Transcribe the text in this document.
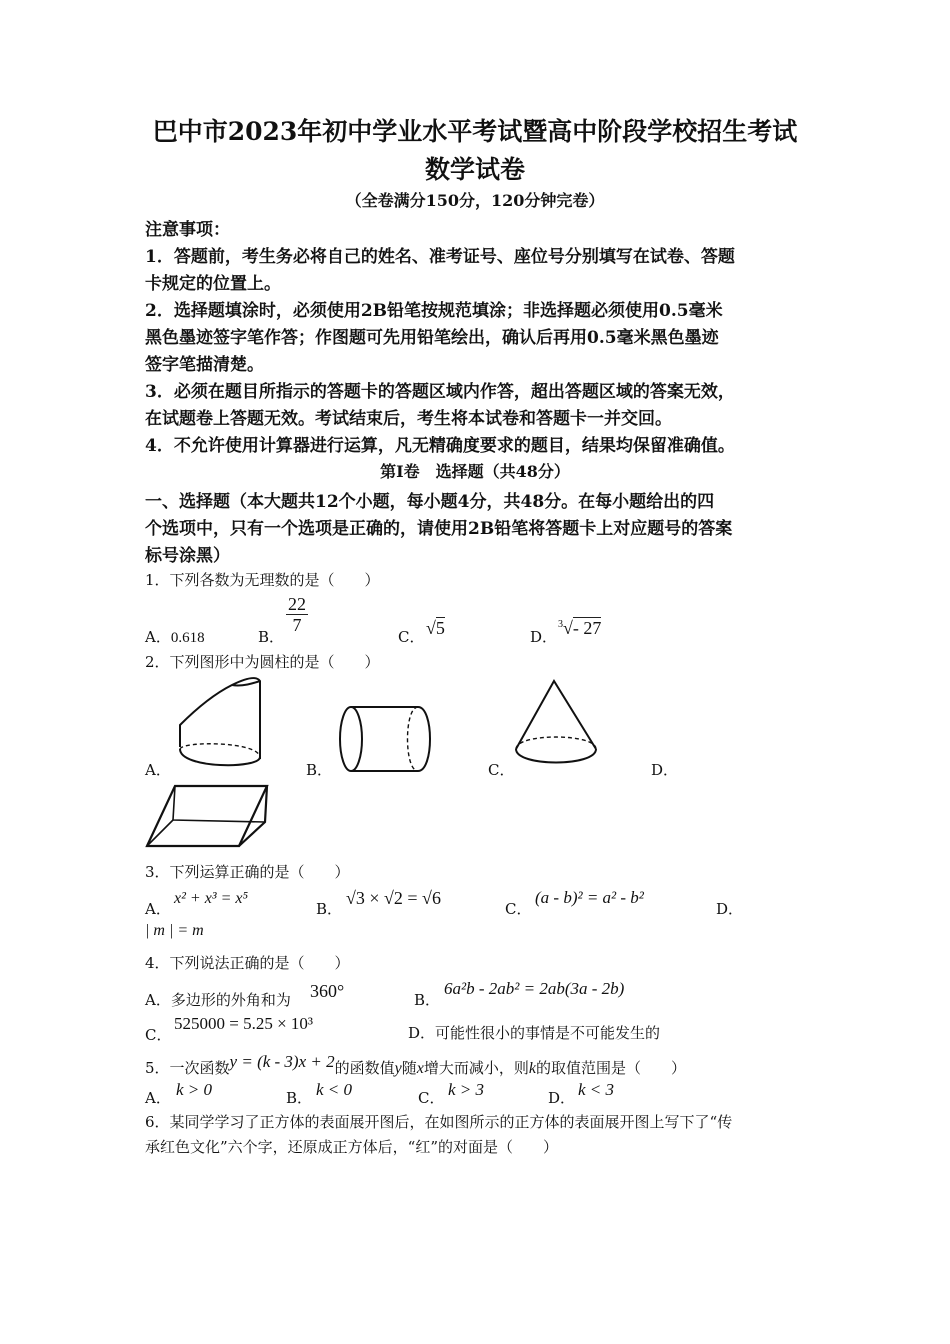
巴中市2023年初中学业水平考试暨高中阶段学校招生考试
数学试卷
（全卷满分150分，120分钟完卷）
注意事项：
1．答题前，考生务必将自己的姓名、准考证号、座位号分别填写在试卷、答题
卡规定的位置上。
2．选择题填涂时，必须使用2B铅笔按规范填涂；非选择题必须使用0.5毫米
黑色墨迹签字笔作答；作图题可先用铅笔绘出，确认后再用0.5毫米黑色墨迹
签字笔描清楚。
3．必须在题目所指示的答题卡的答题区域内作答，超出答题区域的答案无效，
在试题卷上答题无效。考试结束后，考生将本试卷和答题卡一并交回。
4．不允许使用计算器进行运算，凡无精确度要求的题目，结果均保留准确值。
第I卷　选择题（共48分）
一、选择题（本大题共12个小题，每小题4分，共48分。在每小题给出的四
个选项中，只有一个选项是正确的，请使用2B铅笔将答题卡上对应题号的答案
标号涂黑）
1．下列各数为无理数的是（　　）
A．0.618	B．
$\frac{22}{7}$
C． √5	D．
$^3$√- 27
2．下列图形中为圆柱的是（　　）
A．	B．	C．	D．
3．下列运算正确的是（　　）
A．
x² + x³ = x⁵
B．
√3 × √2 = √6
C．
(a - b)² = a² - b²
D．
| m | = m
4．下列说法正确的是（　　）
A．多边形的外角和为 360°	B．
6a²b - 2ab² = 2ab(3a - 2b)
C．
525000 = 5.25 × 10³	D．可能性很小的事情是不可能发生的
5．一次函数y = (k - 3)x + 2的函数值y随x增大而减小，则k的取值范围是（　　）
A． k > 0	B． k < 0	C． k > 3	D． k < 3
6．某同学学习了正方体的表面展开图后，在如图所示的正方体的表面展开图上写下了“传
承红色文化”六个字，还原成正方体后，“红”的对面是（　　）
